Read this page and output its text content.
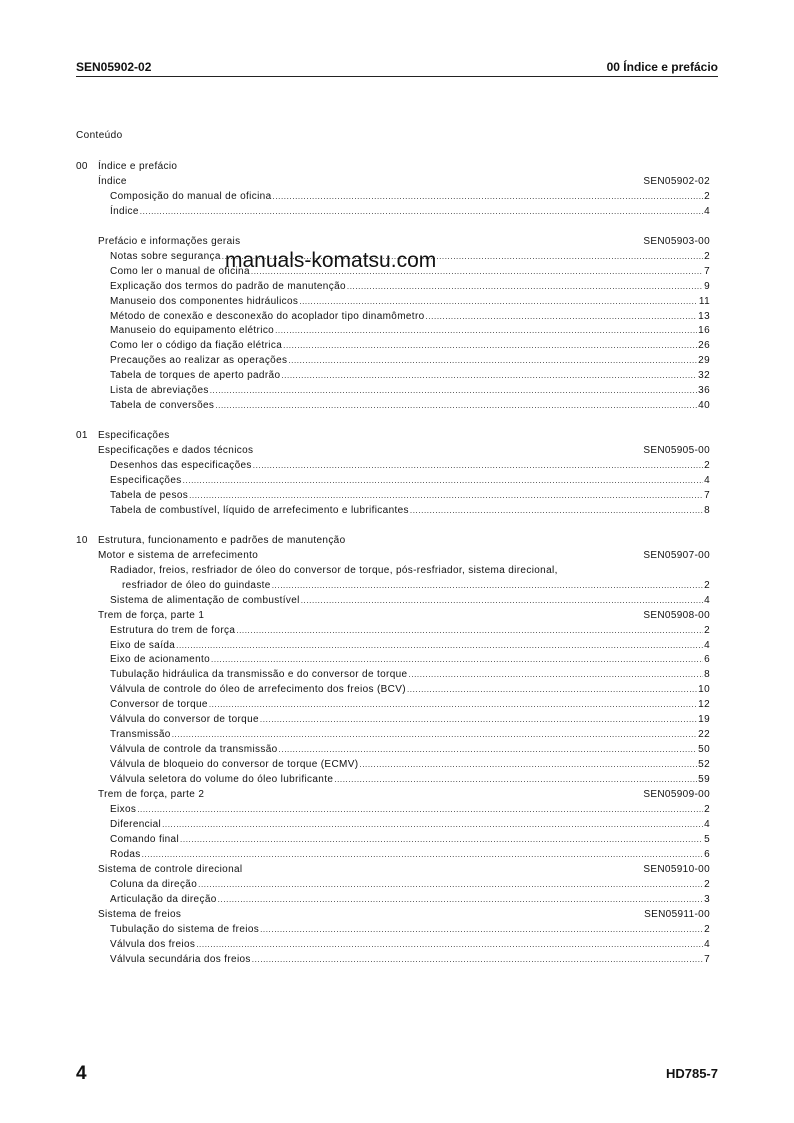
SEN05902-02	00 Índice e prefácio
Conteúdo
00 Índice e prefácio
Índice	SEN05902-02
Composição do manual de oficina .....	2
Índice .....	4
Prefácio e informações gerais	SEN05903-00
Notas sobre segurança .....	2
Como ler o manual de oficina .....	7
Explicação dos termos do padrão de manutenção .....	9
Manuseio dos componentes hidráulicos .....	11
Método de conexão e desconexão do acoplador tipo dinamômetro .....	13
Manuseio do equipamento elétrico .....	16
Como ler o código da fiação elétrica .....	26
Precauções ao realizar as operações .....	29
Tabela de torques de aperto padrão .....	32
Lista de abreviações .....	36
Tabela de conversões .....	40
01 Especificações
Especificações e dados técnicos	SEN05905-00
Desenhos das especificações .....	2
Especificações .....	4
Tabela de pesos .....	7
Tabela de combustível, líquido de arrefecimento e lubrificantes .....	8
10 Estrutura, funcionamento e padrões de manutenção
Motor e sistema de arrefecimento	SEN05907-00
Radiador, freios, resfriador de óleo do conversor de torque, pós-resfriador, sistema direcional,
resfriador de óleo do guindaste .....	2
Sistema de alimentação de combustível .....	4
Trem de força, parte 1	SEN05908-00
Estrutura do trem de força .....	2
Eixo de saída .....	4
Eixo de acionamento .....	6
Tubulação hidráulica da transmissão e do conversor de torque .....	8
Válvula de controle do óleo de arrefecimento dos freios (BCV) .....	10
Conversor de torque .....	12
Válvula do conversor de torque .....	19
Transmissão .....	22
Válvula de controle da transmissão .....	50
Válvula de bloqueio do conversor de torque (ECMV) .....	52
Válvula seletora do volume do óleo lubrificante .....	59
Trem de força, parte 2	SEN05909-00
Eixos .....	2
Diferencial .....	4
Comando final .....	5
Rodas .....	6
Sistema de controle direcional	SEN05910-00
Coluna da direção .....	2
Articulação da direção .....	3
Sistema de freios	SEN05911-00
Tubulação do sistema de freios .....	2
Válvula dos freios .....	4
Válvula secundária dos freios .....	7
manuals-komatsu.com
4	HD785-7
